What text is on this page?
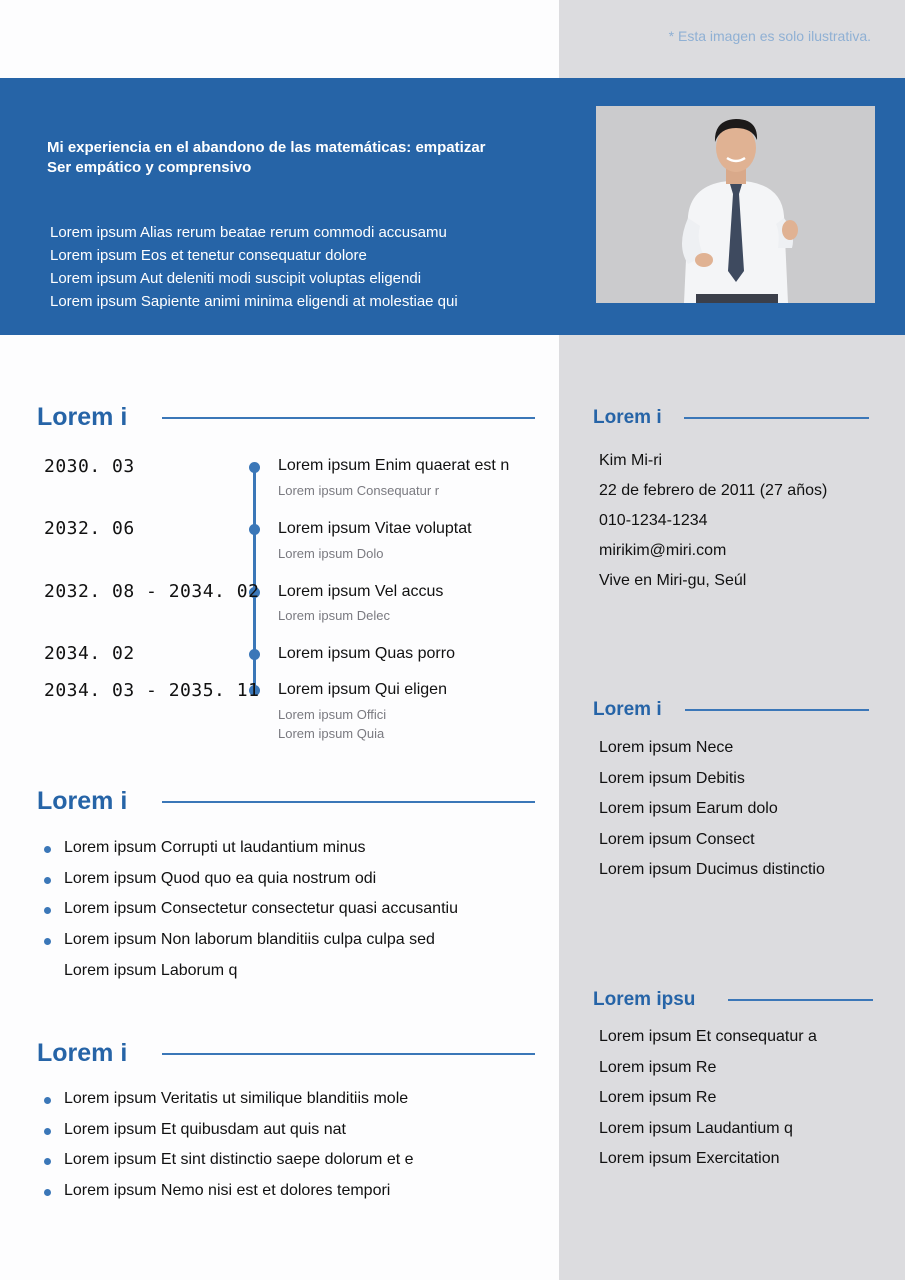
* Esta imagen es solo ilustrativa.
Mi experiencia en el abandono de las matemáticas: empatizar
Ser empático y comprensivo
Lorem ipsum Alias rerum beatae rerum commodi accusamu
Lorem ipsum Eos et tenetur consequatur dolore
Lorem ipsum Aut deleniti modi suscipit voluptas eligendi
Lorem ipsum Sapiente animi minima eligendi at molestiae qui
Lorem i
2030. 03	Lorem ipsum Enim quaerat est n
Lorem ipsum Consequatur r
2032. 06	Lorem ipsum Vitae voluptat
Lorem ipsum Dolo
2032. 08 - 2034. 02 Lorem ipsum Vel accus
Lorem ipsum Delec
2034. 02	Lorem ipsum Quas porro
2034. 03 - 2035. 11 Lorem ipsum Qui eligen
Lorem ipsum Offici
Lorem ipsum Quia
Lorem i
Lorem ipsum Corrupti ut laudantium minus
Lorem ipsum Quod quo ea quia nostrum odi
Lorem ipsum Consectetur consectetur quasi accusantiu
Lorem ipsum Non laborum blanditiis culpa culpa sed
Lorem ipsum Laborum q
Lorem i
Lorem ipsum Veritatis ut similique blanditiis mole
Lorem ipsum Et quibusdam aut quis nat
Lorem ipsum Et sint distinctio saepe dolorum et e
Lorem ipsum Nemo nisi est et dolores tempori
Lorem i
Kim Mi-ri
22 de febrero de 2011 (27 años)
010-1234-1234
mirikim@miri.com
Vive en Miri-gu, Seúl
Lorem i
Lorem ipsum Nece
Lorem ipsum Debitis
Lorem ipsum Earum dolo
Lorem ipsum Consect
Lorem ipsum Ducimus distinctio
Lorem ipsu
Lorem ipsum Et consequatur a
Lorem ipsum Re
Lorem ipsum Re
Lorem ipsum Laudantium q
Lorem ipsum Exercitation
